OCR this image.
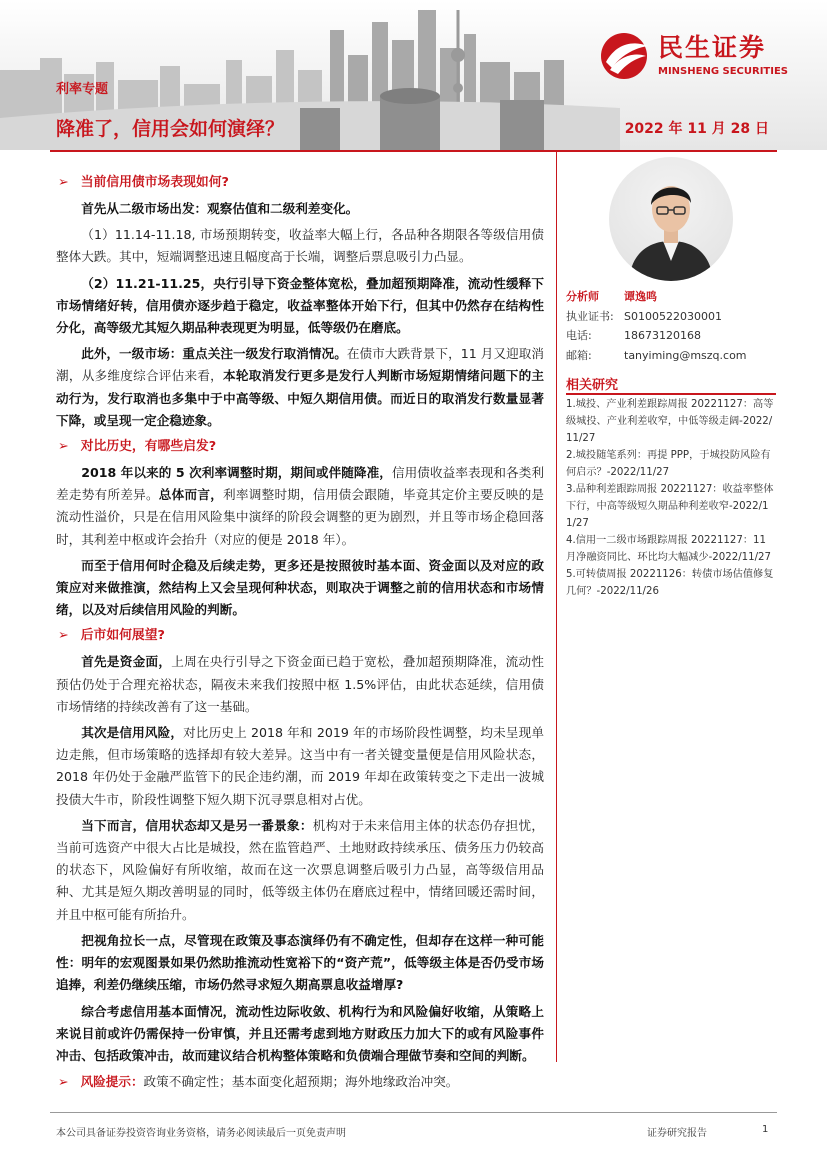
民生证券
MINSHENG SECURITIES
利率专题
降准了，信用会如何演绎？	2022 年 11 月 28 日
➢ 当前信用债市场表现如何?

首先从二级市场出发：观察估值和二级利差变化。

（1）11.14-11.18, 市场预期转变，收益率大幅上行，各品种各期限各等级信用债整体大跌。其中，短端调整迅速且幅度高于长端，调整后票息吸引力凸显。

（2）11.21-11.25，央行引导下资金整体宽松，叠加超预期降准，流动性缓释下市场情绪好转，信用债亦逐步趋于稳定，收益率整体开始下行，但其中仍然存在结构性分化，高等级尤其短久期品种表现更为明显，低等级仍在磨底。

此外，一级市场：重点关注一级发行取消情况。在债市大跌背景下，11 月又迎取消潮，从多维度综合评估来看，本轮取消发行更多是发行人判断市场短期情绪问题下的主动行为，发行取消也多集中于中高等级、中短久期信用债。而近日的取消发行数量显著下降，或呈现一定企稳迹象。

➢ 对比历史，有哪些启发?

2018 年以来的 5 次利率调整时期，期间或伴随降准，信用债收益率表现和各类利差走势有所差异。总体而言，利率调整时期，信用债会跟随，毕竟其定价主要反映的是流动性溢价，只是在信用风险集中演绎的阶段会调整的更为剧烈，并且等市场企稳回落时，其利差中枢或许会抬升（对应的便是 2018 年）。

而至于信用何时企稳及后续走势，更多还是按照彼时基本面、资金面以及对应的政策应对来做推演，然结构上又会呈现何种状态，则取决于调整之前的信用状态和市场情绪，以及对后续信用风险的判断。

➢ 后市如何展望?

首先是资金面，上周在央行引导之下资金面已趋于宽松，叠加超预期降准，流动性预估仍处于合理充裕状态，隔夜未来我们按照中枢 1.5%评估，由此状态延续，信用债市场情绪的持续改善有了这一基础。

其次是信用风险，对比历史上 2018 年和 2019 年的市场阶段性调整，均未呈现单边走熊，但市场策略的选择却有较大差异。这当中有一者关键变量便是信用风险状态，2018 年仍处于金融严监管下的民企违约潮，而 2019 年却在政策转变之下走出一波城投债大牛市，阶段性调整下短久期下沉寻票息相对占优。

当下而言，信用状态却又是另一番景象：机构对于未来信用主体的状态仍存担忧，当前可选资产中很大占比是城投，然在监管趋严、土地财政持续承压、债务压力仍较高的状态下，风险偏好有所收缩，故而在这一次票息调整后吸引力凸显，高等级信用品种、尤其是短久期改善明显的同时，低等级主体仍在磨底过程中，情绪回暖还需时间，并且中枢可能有所抬升。

把视角拉长一点，尽管现在政策及事态演绎仍有不确定性，但却存在这样一种可能性：明年的宏观图景如果仍然助推流动性宽裕下的“资产荒”，低等级主体是否仍受市场追捧，利差仍继续压缩，市场仍然寻求短久期高票息收益增厚?

综合考虑信用基本面情况，流动性边际收敛、机构行为和风险偏好收缩，从策略上来说目前或许仍需保持一份审慎，并且还需考虑到地方财政压力加大下的或有风险事件冲击、包括政策冲击，故而建议结合机构整体策略和负债端合理做节奏和空间的判断。

➢ 风险提示：政策不确定性；基本面变化超预期；海外地缘政治冲突。

分析师 谭逸鸣
执业证书: S0100522030001
电话:	18673120168
邮箱:	tanyiming@mszq.com
相关研究
1.城投、产业利差跟踪周报 20221127：高等级城投、产业利差收窄，中低等级走阔-2022/11/27
2.城投随笔系列：再提 PPP，于城投防风险有何启示？-2022/11/27
3.品种利差跟踪周报 20221127：收益率整体下行，中高等级短久期品种利差收窄-2022/11/27
4.信用一二级市场跟踪周报 20221127：11 月净融资同比、环比均大幅减少-2022/11/27
5.可转债周报 20221126：转债市场估值修复几何？-2022/11/26
本公司具备证券投资咨询业务资格，请务必阅读最后一页免责声明	证券研究报告	1
